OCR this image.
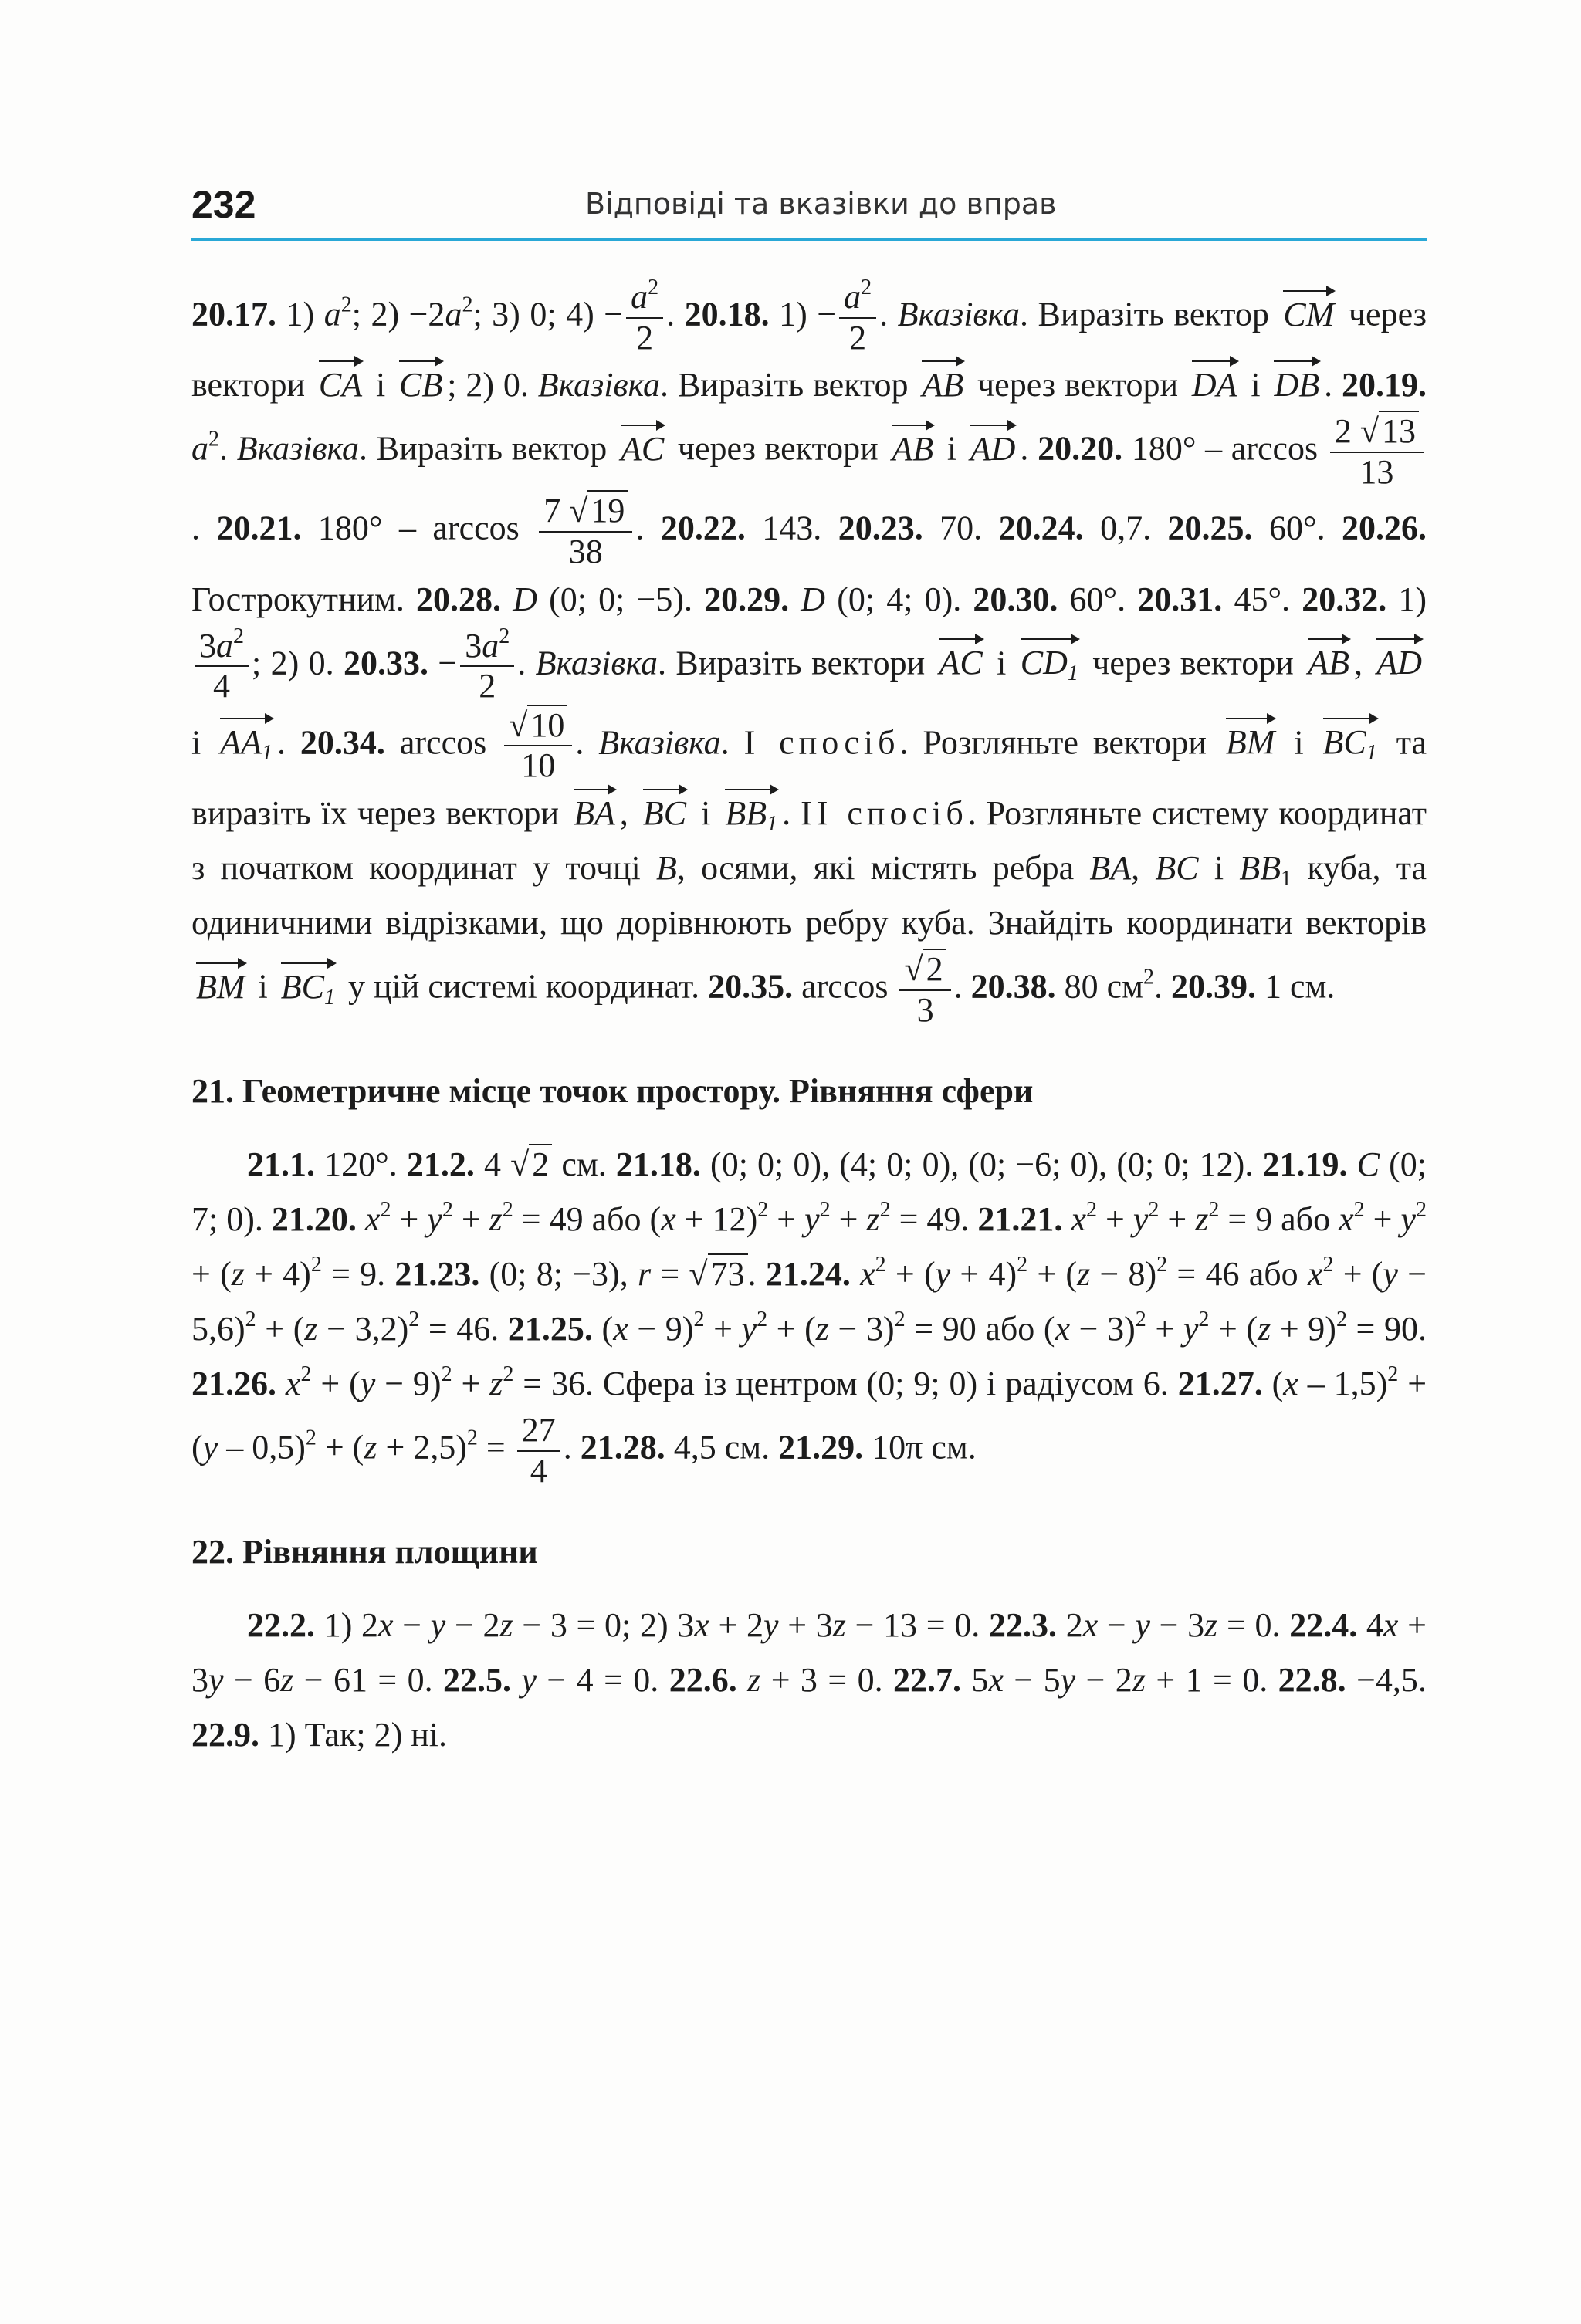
232	Відповіді та вказівки до вправ

20.17. 1) $a^2$; $2) -2a^2$; 3) 0; $4) - \frac{a^2}{2}$ . 20.18. $1) - \frac{a^2}{2}$ . Вказівка. Виразіть вектор CM через вектори CA і CB ; 2) 0. Вказівка. Виразіть вектор AB через вектори DA і DB . 20.19. $a^2$. Вказівка. Виразіть вектор AC через вектори AB і AD . 20.20. $180^\circ - \arccos \frac{2 √13}{13}$
. 20.21. $180^\circ - \arccos \frac{7 √19}{38}$ . 20.22. 143. 20.23. 70. 20.24. 0,7. 20.25. 60°. 20.26. Гострокутним. 20.28. D (0; 0; −5). 20.29. D (0; 4; 0). 20.30. 60°. 20.31. 45°. 20.32. 1)
$\frac{3a^2}{4}$ ; 2) 0. 20.33. − $\frac{3a^2}{2}$ . Вказівка. Виразіть вектори AC і $CD_1$ через вектори AB , AD і $AA_1$ . 20.34. $\arccos \frac{√10}{10}$ . Вказівка. І спосіб. Розгляньте вектори BM і $BC_1$ та виразіть їх через вектори BA , BC і $BB_1$ . ІІ спосіб. Розгляньте систему координат з початком координат у точці B, осями, які містять ребра BA, BC і $BB_1$ куба, та одиничними відрізками, що дорівнюють ребру куба. Знайдіть координати векторів BM і $BC_1$ у цій системі координат. 20.35. $\arccos \frac{√2}{3}$ . 20.38. 80 $см^2$. 20.39. 1 см.

21. Геометричне місце точок простору. Рівняння сфери

21.1. 120°. 21.2. 4 √2 см. 21.18. (0; 0; 0), (4; 0; 0), (0; −6; 0), (0; 0; 12). 21.19. C (0; 7; 0). 21.20. $x^2 + y^2 + z^2 = 49$ або $(x + 12)^2 + y^2 + z^2 = 49$. 21.21. $x^2 + y^2 + z^2 = 9$ або $x^2 + y^2 + (z + 4)^2 = 9$. 21.23. (0; 8; −3), r = √73. 21.24. $x^2 + (y + 4)^2 + (z - 8)^2 = 46$ або $x^2 + (y - 5,6)^2 + (z - 3,2)^2 = 46$. 21.25. $(x - 9)^2 + y^2 + (z - 3)^2 = 90$ або $(x - 3)^2 + y^2 + (z + 9)^2 = 90$. 21.26. $x^2 + (y - 9)^2 + z^2 = 36$. Сфера із центром (0; 9; 0) і радіусом 6. 21.27. $(x - 1,5)^2 + (y - 0,5)^2 + (z + 2,5)^2 = \frac{27}{4}$ . 21.28. 4,5 см. 21.29. 10π см.

22. Рівняння площини

22.2. 1) 2x − y − 2z − 3 = 0; 2) 3x + 2y + 3z − 13 = 0. 22.3. 2x − y − 3z = 0. 22.4. 4x + 3y − 6z − 61 = 0. 22.5. y − 4 = 0. 22.6. z + 3 = 0. 22.7. 5x − 5y − 2z + 1 = 0. 22.8. −4,5. 22.9. 1) Так; 2) ні.
